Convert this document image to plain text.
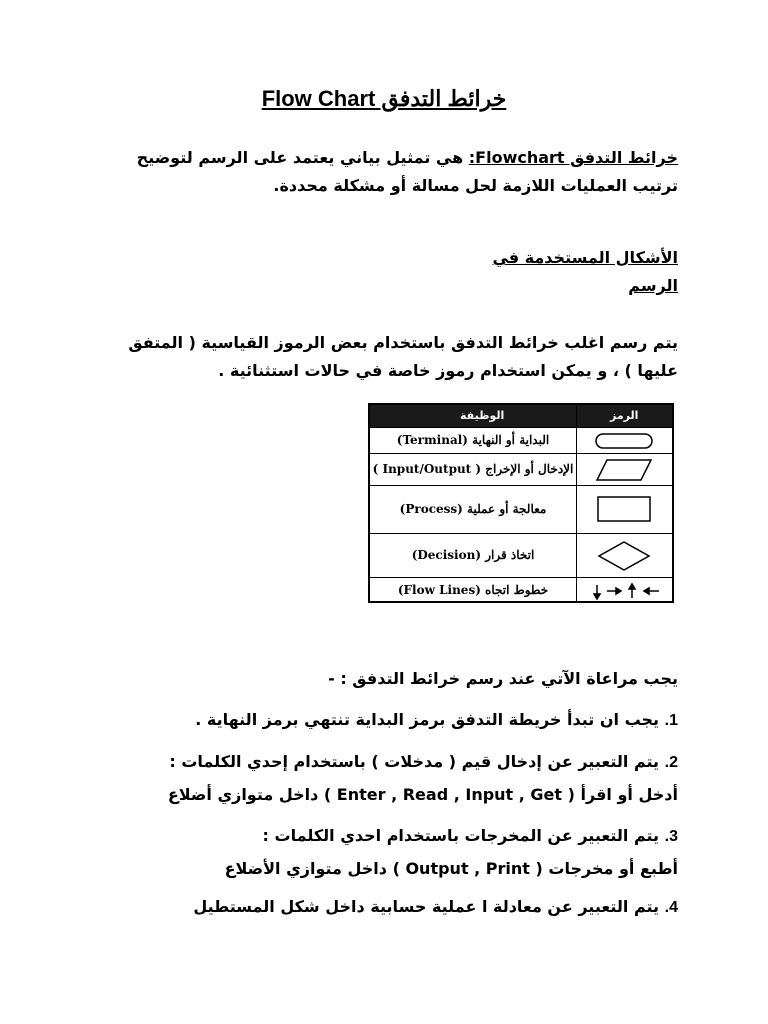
خرائط التدفق Flow Chart
خرائط التدفق Flowchart: هي تمثيل بياني يعتمد على الرسم لتوضيح ترتيب العمليات اللازمة لحل مسالة أو مشكلة محددة.
الأشكال المستخدمة في الرسم
يتم رسم اغلب خرائط التدفق باستخدام بعض الرموز القياسية ( المتفق عليها ) ، و يمكن استخدام رموز خاصة في حالات استثنائية .
الوظيفة	الرمز
البداية أو النهاية (Terminal)
الإدخال أو الإخراج ( Input/Output )
معالجة أو عملية (Process)
اتخاذ قرار (Decision)
خطوط اتجاه (Flow Lines)
يجب مراعاة الآتي عند رسم خرائط التدفق : -
1. يجب ان تبدأ خريطة التدفق برمز البداية تنتهي برمز النهاية .
2. يتم التعبير عن إدخال قيم ( مدخلات ) باستخدام إحدي الكلمات :
أدخل أو اقرأ ( Enter , Read , Input , Get ) داخل متوازي أضلاع
3. يتم التعبير عن المخرجات باستخدام احدي الكلمات :
أطبع أو مخرجات ( Output , Print ) داخل متوازي الأضلاع
4. يتم التعبير عن معادلة ا عملية حسابية داخل شكل المستطيل
